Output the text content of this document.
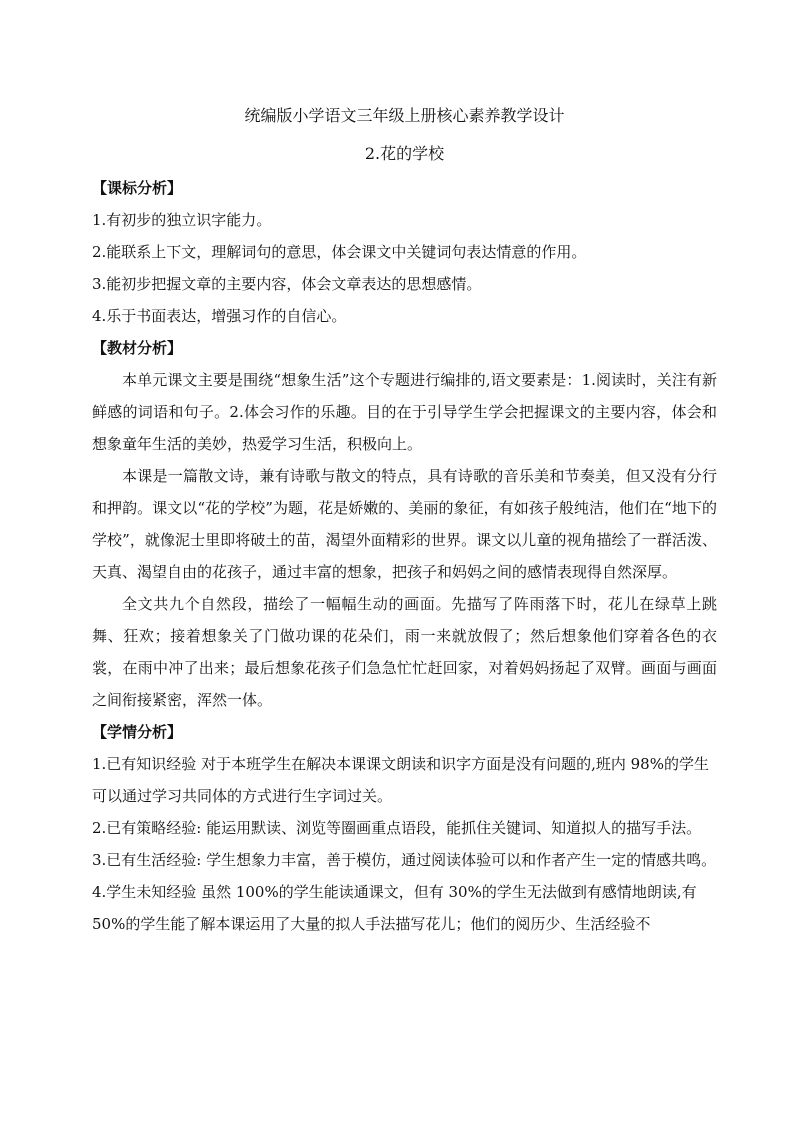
统编版小学语文三年级上册核心素养教学设计

2.花的学校

【课标分析】

1.有初步的独立识字能力。

2.能联系上下文，理解词句的意思，体会课文中关键词句表达情意的作用。

3.能初步把握文章的主要内容，体会文章表达的思想感情。

4.乐于书面表达，增强习作的自信心。

【教材分析】

本单元课文主要是围绕“想象生活”这个专题进行编排的,语文要素是：1.阅读时，关注有新鲜感的词语和句子。2.体会习作的乐趣。目的在于引导学生学会把握课文的主要内容，体会和想象童年生活的美妙，热爱学习生活，积极向上。

本课是一篇散文诗，兼有诗歌与散文的特点，具有诗歌的音乐美和节奏美，但又没有分行和押韵。课文以“花的学校”为题，花是娇嫩的、美丽的象征，有如孩子般纯洁，他们在“地下的学校”，就像泥士里即将破土的苗，渴望外面精彩的世界。课文以儿童的视角描绘了一群活泼、天真、渴望自由的花孩子，通过丰富的想象，把孩子和妈妈之间的感情表现得自然深厚。

全文共九个自然段，描绘了一幅幅生动的画面。先描写了阵雨落下时，花儿在绿草上跳舞、狂欢；接着想象关了门做功课的花朵们，雨一来就放假了；然后想象他们穿着各色的衣裳，在雨中冲了出来；最后想象花孩子们急急忙忙赶回家，对着妈妈扬起了双臂。画面与画面之间衔接紧密，浑然一体。

【学情分析】

1.已有知识经验 对于本班学生在解决本课课文朗读和识字方面是没有问题的,班内 98%的学生可以通过学习共同体的方式进行生字词过关。

2.已有策略经验: 能运用默读、浏览等圈画重点语段，能抓住关键词、知道拟人的描写手法。

3.已有生活经验: 学生想象力丰富，善于模仿，通过阅读体验可以和作者产生一定的情感共鸣。

4.学生未知经验 虽然 100%的学生能读通课文，但有 30%的学生无法做到有感情地朗读,有 50%的学生能了解本课运用了大量的拟人手法描写花儿；他们的阅历少、生活经验不
